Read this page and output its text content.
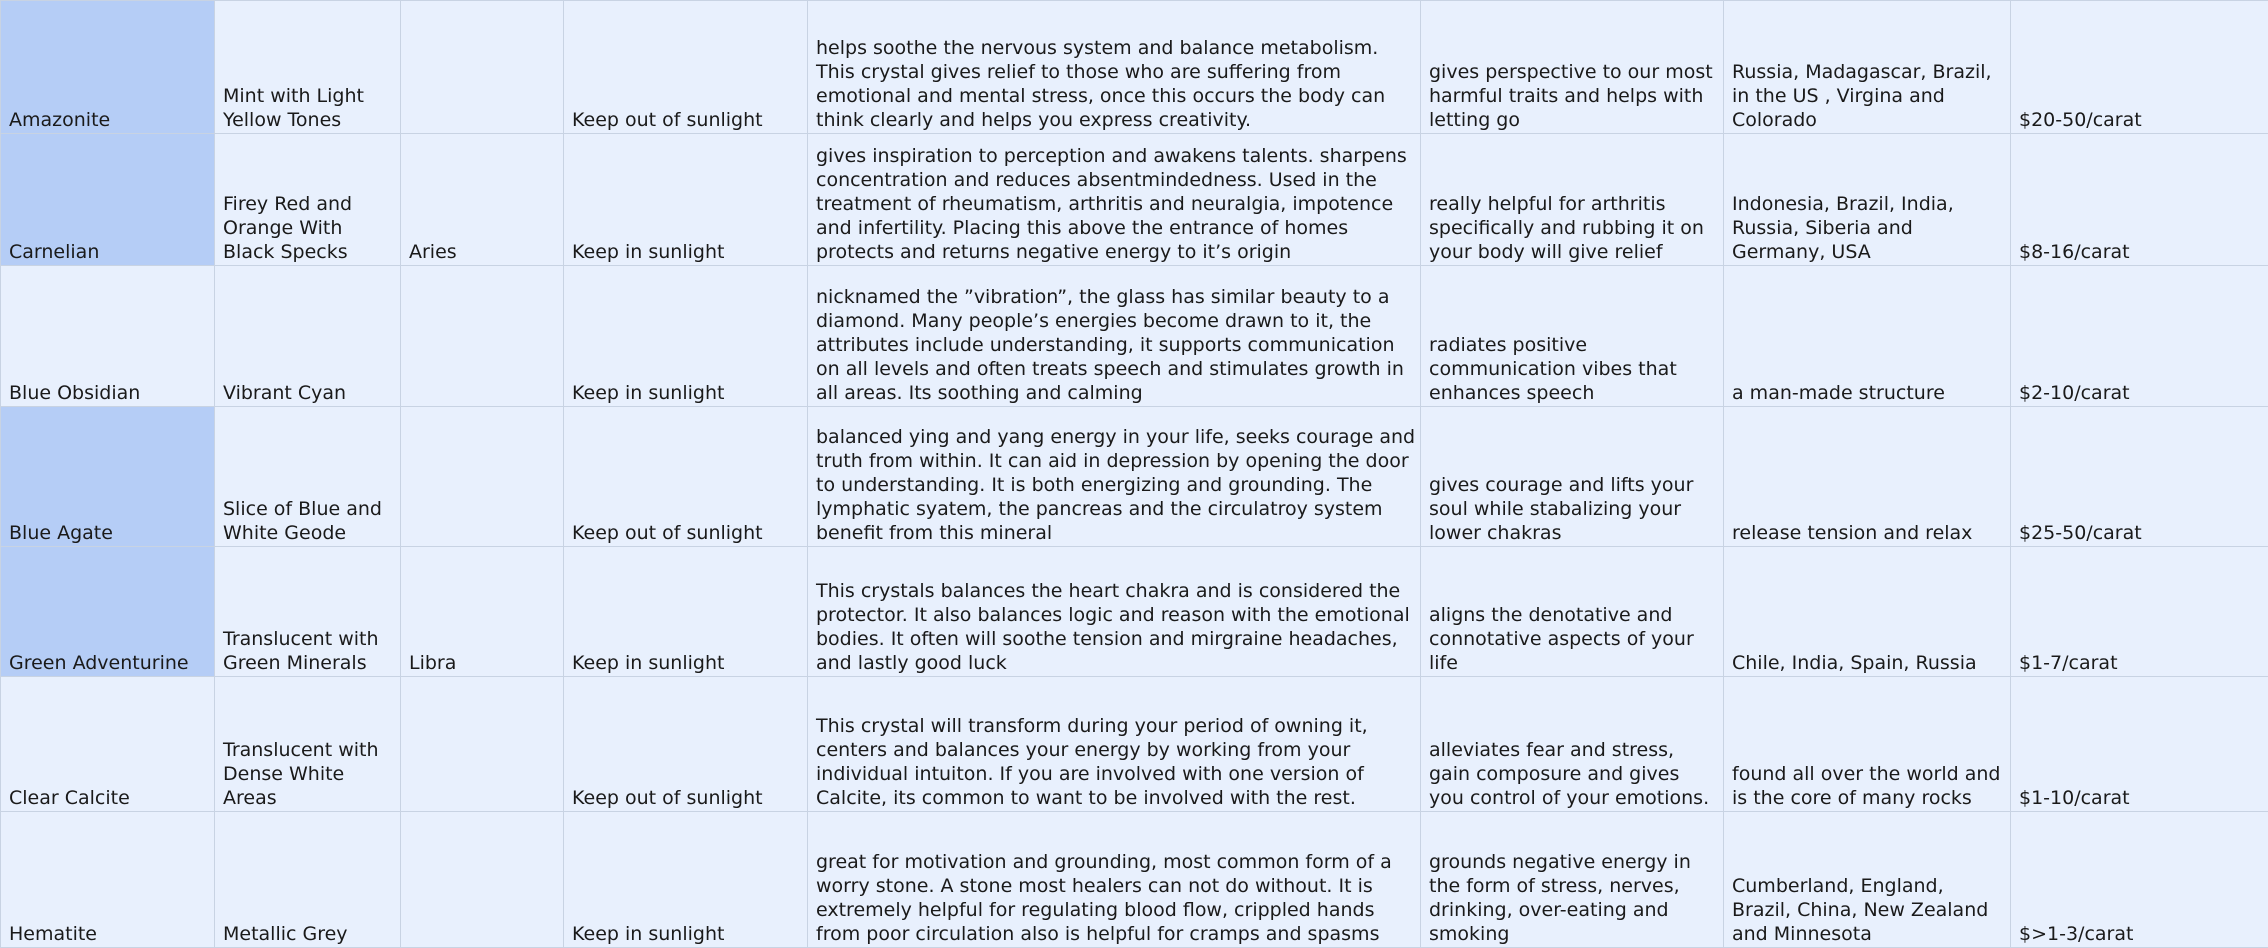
Amazonite	Mint with Light Yellow Tones		Keep out of sunlight	helps soothe the nervous system and balance metabolism. This crystal gives relief to those who are suffering from emotional and mental stress, once this occurs the body can think clearly and helps you express creativity.	gives perspective to our most harmful traits and helps with letting go	Russia, Madagascar, Brazil, in the US , Virgina and Colorado	$20-50/carat
Carnelian	Firey Red and Orange With Black Specks	Aries	Keep in sunlight	gives inspiration to perception and awakens talents. sharpens concentration and reduces absentmindedness. Used in the treatment of rheumatism, arthritis and neuralgia, impotence and infertility. Placing this above the entrance of homes protects and returns negative energy to it’s origin	really helpful for arthritis specifically and rubbing it on your body will give relief	Indonesia, Brazil, India, Russia, Siberia and Germany, USA	$8-16/carat
Blue Obsidian	Vibrant Cyan		Keep in sunlight	nicknamed the ”vibration”, the glass has similar beauty to a diamond. Many people’s energies become drawn to it, the attributes include understanding, it supports communication on all levels and often treats speech and stimulates growth in all areas. Its soothing and calming	radiates positive communication vibes that enhances speech	a man-made structure	$2-10/carat
Blue Agate	Slice of Blue and White Geode		Keep out of sunlight	balanced ying and yang energy in your life, seeks courage and truth from within. It can aid in depression by opening the door to understanding. It is both energizing and grounding. The lymphatic syatem, the pancreas and the circulatroy system benefit from this mineral	gives courage and lifts your soul while stabalizing your lower chakras	release tension and relax	$25-50/carat
Green Adventurine	Translucent with Green Minerals	Libra	Keep in sunlight	This crystals balances the heart chakra and is considered the protector. It also balances logic and reason with the emotional bodies. It often will soothe tension and mirgraine headaches, and lastly good luck	aligns the denotative and connotative aspects of your life	Chile, India, Spain, Russia	$1-7/carat
Clear Calcite	Translucent with Dense White Areas		Keep out of sunlight	This crystal will transform during your period of owning it, centers and balances your energy by working from your individual intuiton. If you are involved with one version of Calcite, its common to want to be involved with the rest.	alleviates fear and stress, gain composure and gives you control of your emotions.	found all over the world and is the core of many rocks	$1-10/carat
Hematite	Metallic Grey		Keep in sunlight	great for motivation and grounding, most common form of a worry stone. A stone most healers can not do without. It is extremely helpful for regulating blood flow, crippled hands from poor circulation also is helpful for cramps and spasms	grounds negative energy in the form of stress, nerves, drinking, over-eating and smoking	Cumberland, England, Brazil, China, New Zealand and Minnesota	$>1-3/carat
